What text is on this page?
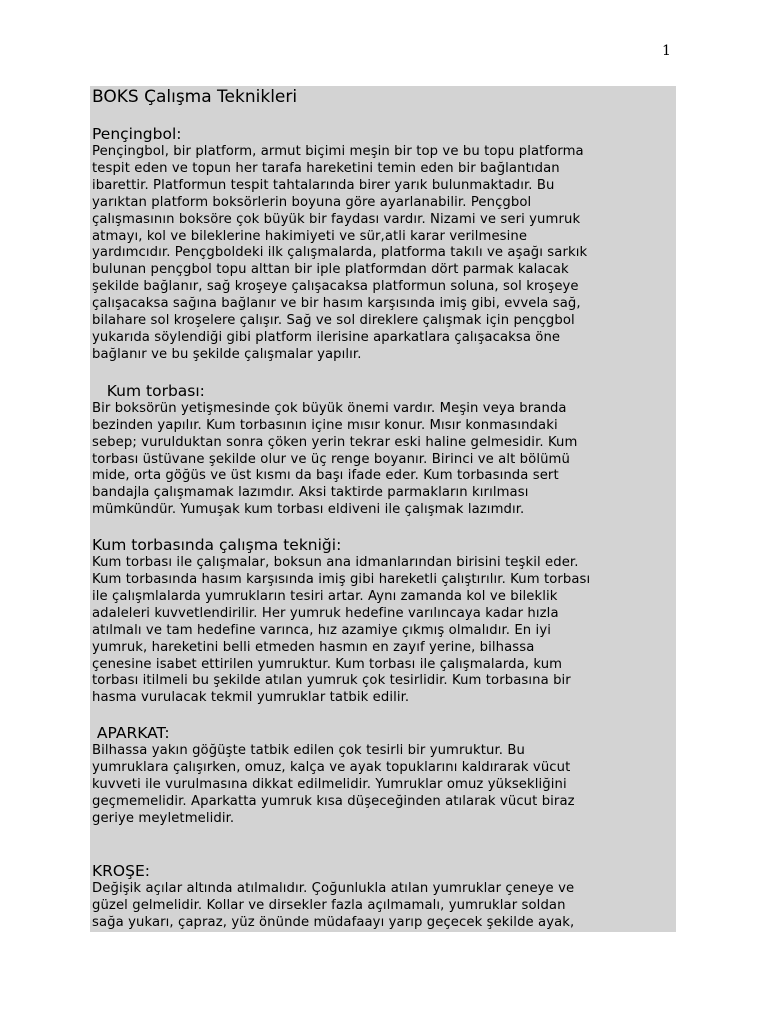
1
BOKS Çalışma Teknikleri
Pençingbol:

Pençingbol, bir platform, armut biçimi meşin bir top ve bu topu platforma
tespit eden ve topun her tarafa hareketini temin eden bir bağlantıdan
ibarettir. Platformun tespit tahtalarında birer yarık bulunmaktadır. Bu
yarıktan platform boksörlerin boyuna göre ayarlanabilir. Pençgbol
çalışmasının boksöre çok büyük bir faydası vardır. Nizami ve seri yumruk
atmayı, kol ve bileklerine hakimiyeti ve sür,atli karar verilmesine
yardımcıdır. Pençgboldeki ilk çalışmalarda, platforma takılı ve aşağı sarkık
bulunan pençgbol topu alttan bir iple platformdan dört parmak kalacak
şekilde bağlanır, sağ kroşeye çalışacaksa platformun soluna, sol kroşeye
çalışacaksa sağına bağlanır ve bir hasım karşısında imiş gibi, evvela sağ,
bilahare sol kroşelere çalışır. Sağ ve sol direklere çalışmak için pençgbol
yukarıda söylendiği gibi platform ilerisine aparkatlara çalışacaksa öne
bağlanır ve bu şekilde çalışmalar yapılır.

Kum torbası:

Bir boksörün yetişmesinde çok büyük önemi vardır. Meşin veya branda
bezinden yapılır. Kum torbasının içine mısır konur. Mısır konmasındaki
sebep; vurulduktan sonra çöken yerin tekrar eski haline gelmesidir. Kum
torbası üstüvane şekilde olur ve üç renge boyanır. Birinci ve alt bölümü
mide, orta göğüs ve üst kısmı da başı ifade eder. Kum torbasında sert
bandajla çalışmamak lazımdır. Aksi taktirde parmakların kırılması
mümkündür. Yumuşak kum torbası eldiveni ile çalışmak lazımdır.

Kum torbasında çalışma tekniği:

Kum torbası ile çalışmalar, boksun ana idmanlarından birisini teşkil eder.
Kum torbasında hasım karşısında imiş gibi hareketli çalıştırılır. Kum torbası
ile çalışmlalarda yumrukların tesiri artar. Aynı zamanda kol ve bileklik
adaleleri kuvvetlendirilir. Her yumruk hedefine varılıncaya kadar hızla
atılmalı ve tam hedefine varınca, hız azamiye çıkmış olmalıdır. En iyi
yumruk, hareketini belli etmeden hasmın en zayıf yerine, bilhassa
çenesine isabet ettirilen yumruktur. Kum torbası ile çalışmalarda, kum
torbası itilmeli bu şekilde atılan yumruk çok tesirlidir. Kum torbasına bir
hasma vurulacak tekmil yumruklar tatbik edilir.

APARKAT:

Bilhassa yakın göğüşte tatbik edilen çok tesirli bir yumruktur. Bu
yumruklara çalışırken, omuz, kalça ve ayak topuklarını kaldırarak vücut
kuvveti ile vurulmasına dikkat edilmelidir. Yumruklar omuz yüksekliğini
geçmemelidir. Aparkatta yumruk kısa düşeceğinden atılarak vücut biraz
geriye meyletmelidir.

KROŞE:

Değişik açılar altında atılmalıdır. Çoğunlukla atılan yumruklar çeneye ve
güzel gelmelidir. Kollar ve dirsekler fazla açılmamalı, yumruklar soldan
sağa yukarı, çapraz, yüz önünde müdafaayı yarıp geçecek şekilde ayak,
